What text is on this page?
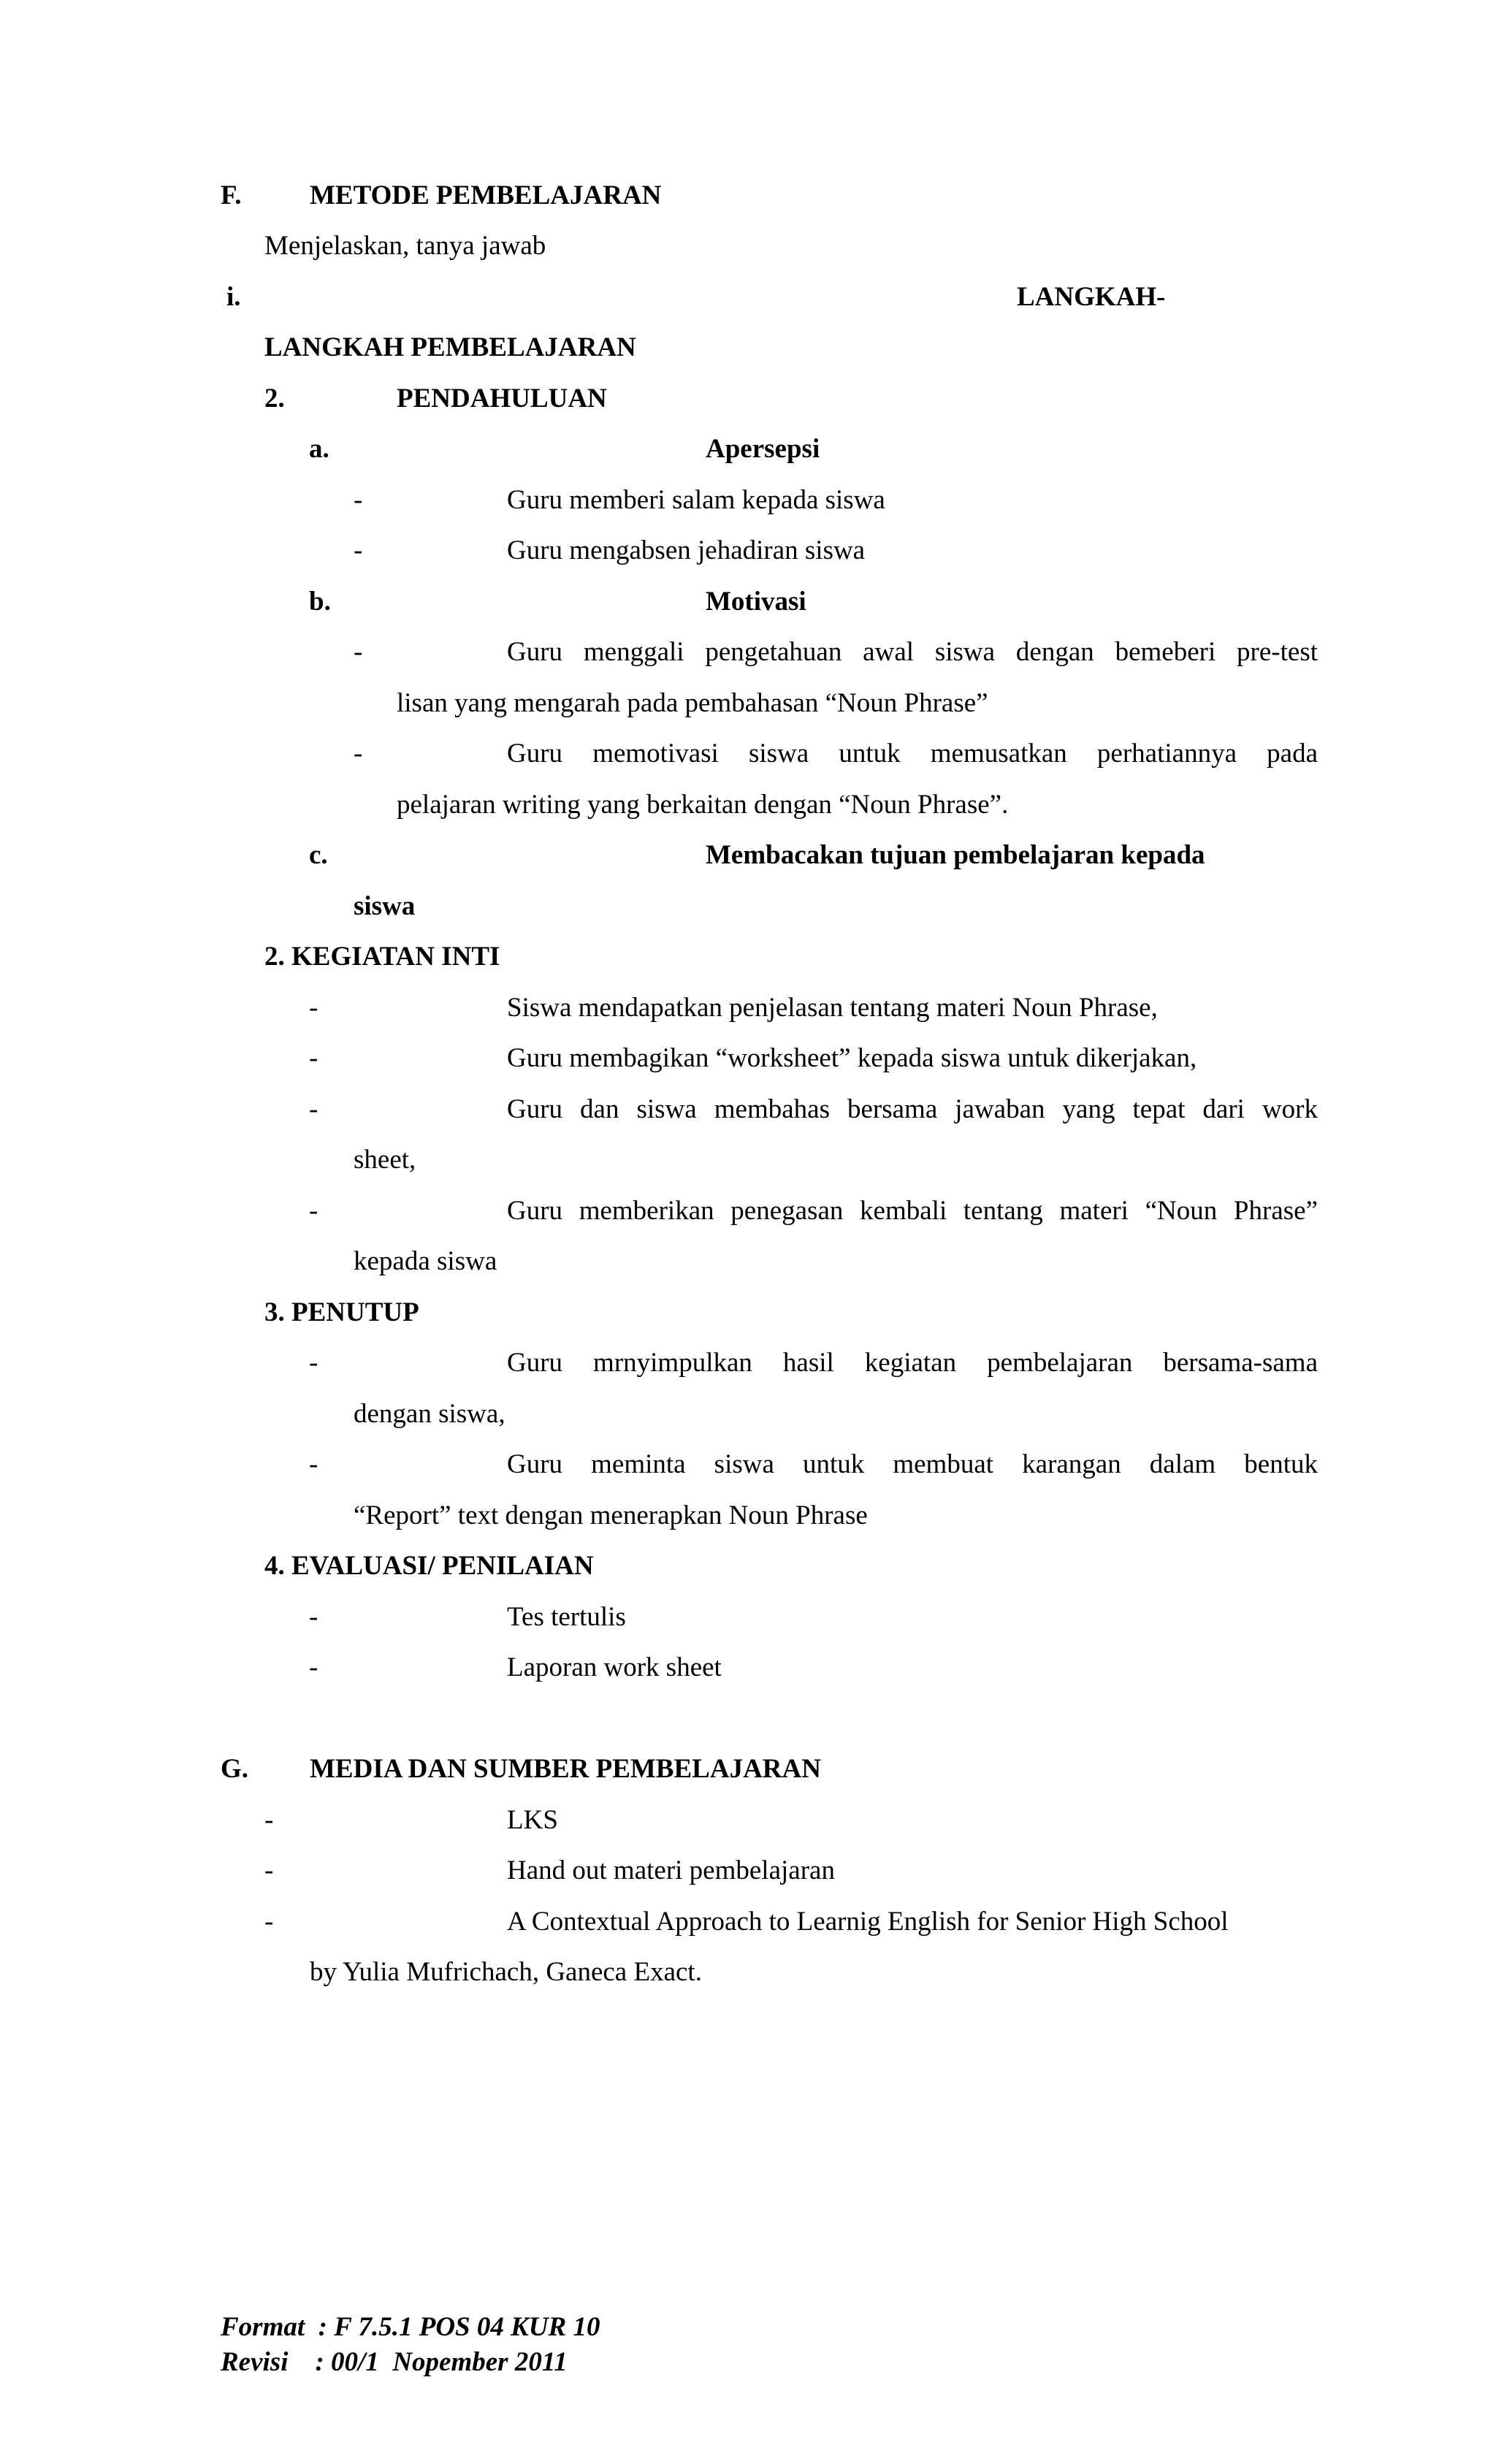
F.	METODE PEMBELAJARAN
Menjelaskan, tanya jawab
i.	LANGKAH-
LANGKAH PEMBELAJARAN
2.	PENDAHULUAN
a.	Apersepsi
-	Guru memberi salam kepada siswa
-	Guru mengabsen jehadiran siswa
b.	Motivasi
-	Guru menggali pengetahuan awal siswa dengan bemeberi pre-test
lisan yang mengarah pada pembahasan “Noun Phrase”
-	Guru memotivasi siswa untuk memusatkan perhatiannya pada
pelajaran writing yang berkaitan dengan “Noun Phrase”.
c.	Membacakan tujuan pembelajaran kepada
siswa
2. KEGIATAN INTI
-	Siswa mendapatkan penjelasan tentang materi Noun Phrase,
-	Guru membagikan “worksheet” kepada siswa untuk dikerjakan,
-	Guru dan siswa membahas bersama jawaban yang tepat dari work
sheet,
-	Guru memberikan penegasan kembali tentang materi “Noun Phrase”
kepada siswa
3. PENUTUP
-	Guru mrnyimpulkan hasil kegiatan pembelajaran bersama-sama
dengan siswa,
-	Guru meminta siswa untuk membuat karangan dalam bentuk
“Report” text dengan menerapkan Noun Phrase
4. EVALUASI/ PENILAIAN
-	Tes tertulis
-	Laporan work sheet
G. MEDIA DAN SUMBER PEMBELAJARAN
-	LKS
-	Hand out materi pembelajaran
-	A Contextual Approach to Learnig English for Senior High School
by Yulia Mufrichach, Ganeca Exact.
Format  : F 7.5.1 POS 04 KUR 10
Revisi    : 00/1  Nopember 2011
